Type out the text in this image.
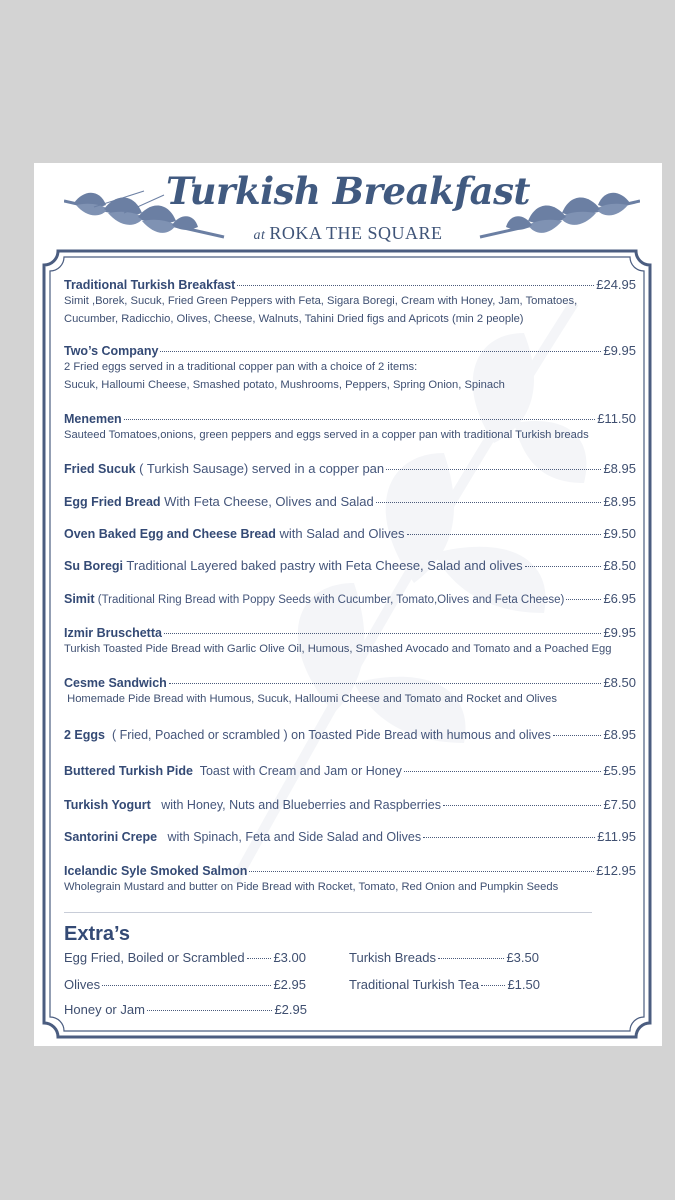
Turkish Breakfast
at ROKA THE SQUARE
Traditional Turkish Breakfast	£24.95
Simit ,Borek, Sucuk, Fried Green Peppers with Feta, Sigara Boregi, Cream with Honey, Jam, Tomatoes,
Cucumber, Radicchio, Olives, Cheese, Walnuts, Tahini Dried figs and Apricots (min 2 people)
Two’s Company	£9.95
2 Fried eggs served in a traditional copper pan with a choice of 2 items:
Sucuk, Halloumi Cheese, Smashed potato, Mushrooms, Peppers, Spring Onion, Spinach
Menemen	£11.50
Sauteed Tomatoes,onions, green peppers and eggs served in a copper pan with traditional Turkish breads
Fried Sucuk ( Turkish Sausage) served in a copper pan	£8.95
Egg Fried Bread With Feta Cheese, Olives and Salad	£8.95
Oven Baked Egg and Cheese Bread with Salad and Olives	£9.50
Su Boregi Traditional Layered baked pastry with Feta Cheese, Salad and olives	£8.50
Simit (Traditional Ring Bread with Poppy Seeds with Cucumber, Tomato,Olives and Feta Cheese)	£6.95
Izmir Bruschetta	£9.95
Turkish Toasted Pide Bread with Garlic Olive Oil, Humous, Smashed Avocado and Tomato and a Poached Egg
Cesme Sandwich	£8.50
Homemade Pide Bread with Humous, Sucuk, Halloumi Cheese and Tomato and Rocket and Olives
2 Eggs ( Fried, Poached or scrambled ) on Toasted Pide Bread with humous and olives	£8.95
Buttered Turkish Pide Toast with Cream and Jam or Honey	£5.95
Turkish Yogurt with Honey, Nuts and Blueberries and Raspberries	£7.50
Santorini Crepe with Spinach, Feta and Side Salad and Olives	£11.95
Icelandic Syle Smoked Salmon	£12.95
Wholegrain Mustard and butter on Pide Bread with Rocket, Tomato, Red Onion and Pumpkin Seeds
Extra’s
Egg Fried, Boiled or Scrambled £3.00
Olives	£2.95
Honey or Jam	£2.95
Turkish Breads	£3.50
Traditional Turkish Tea £1.50
